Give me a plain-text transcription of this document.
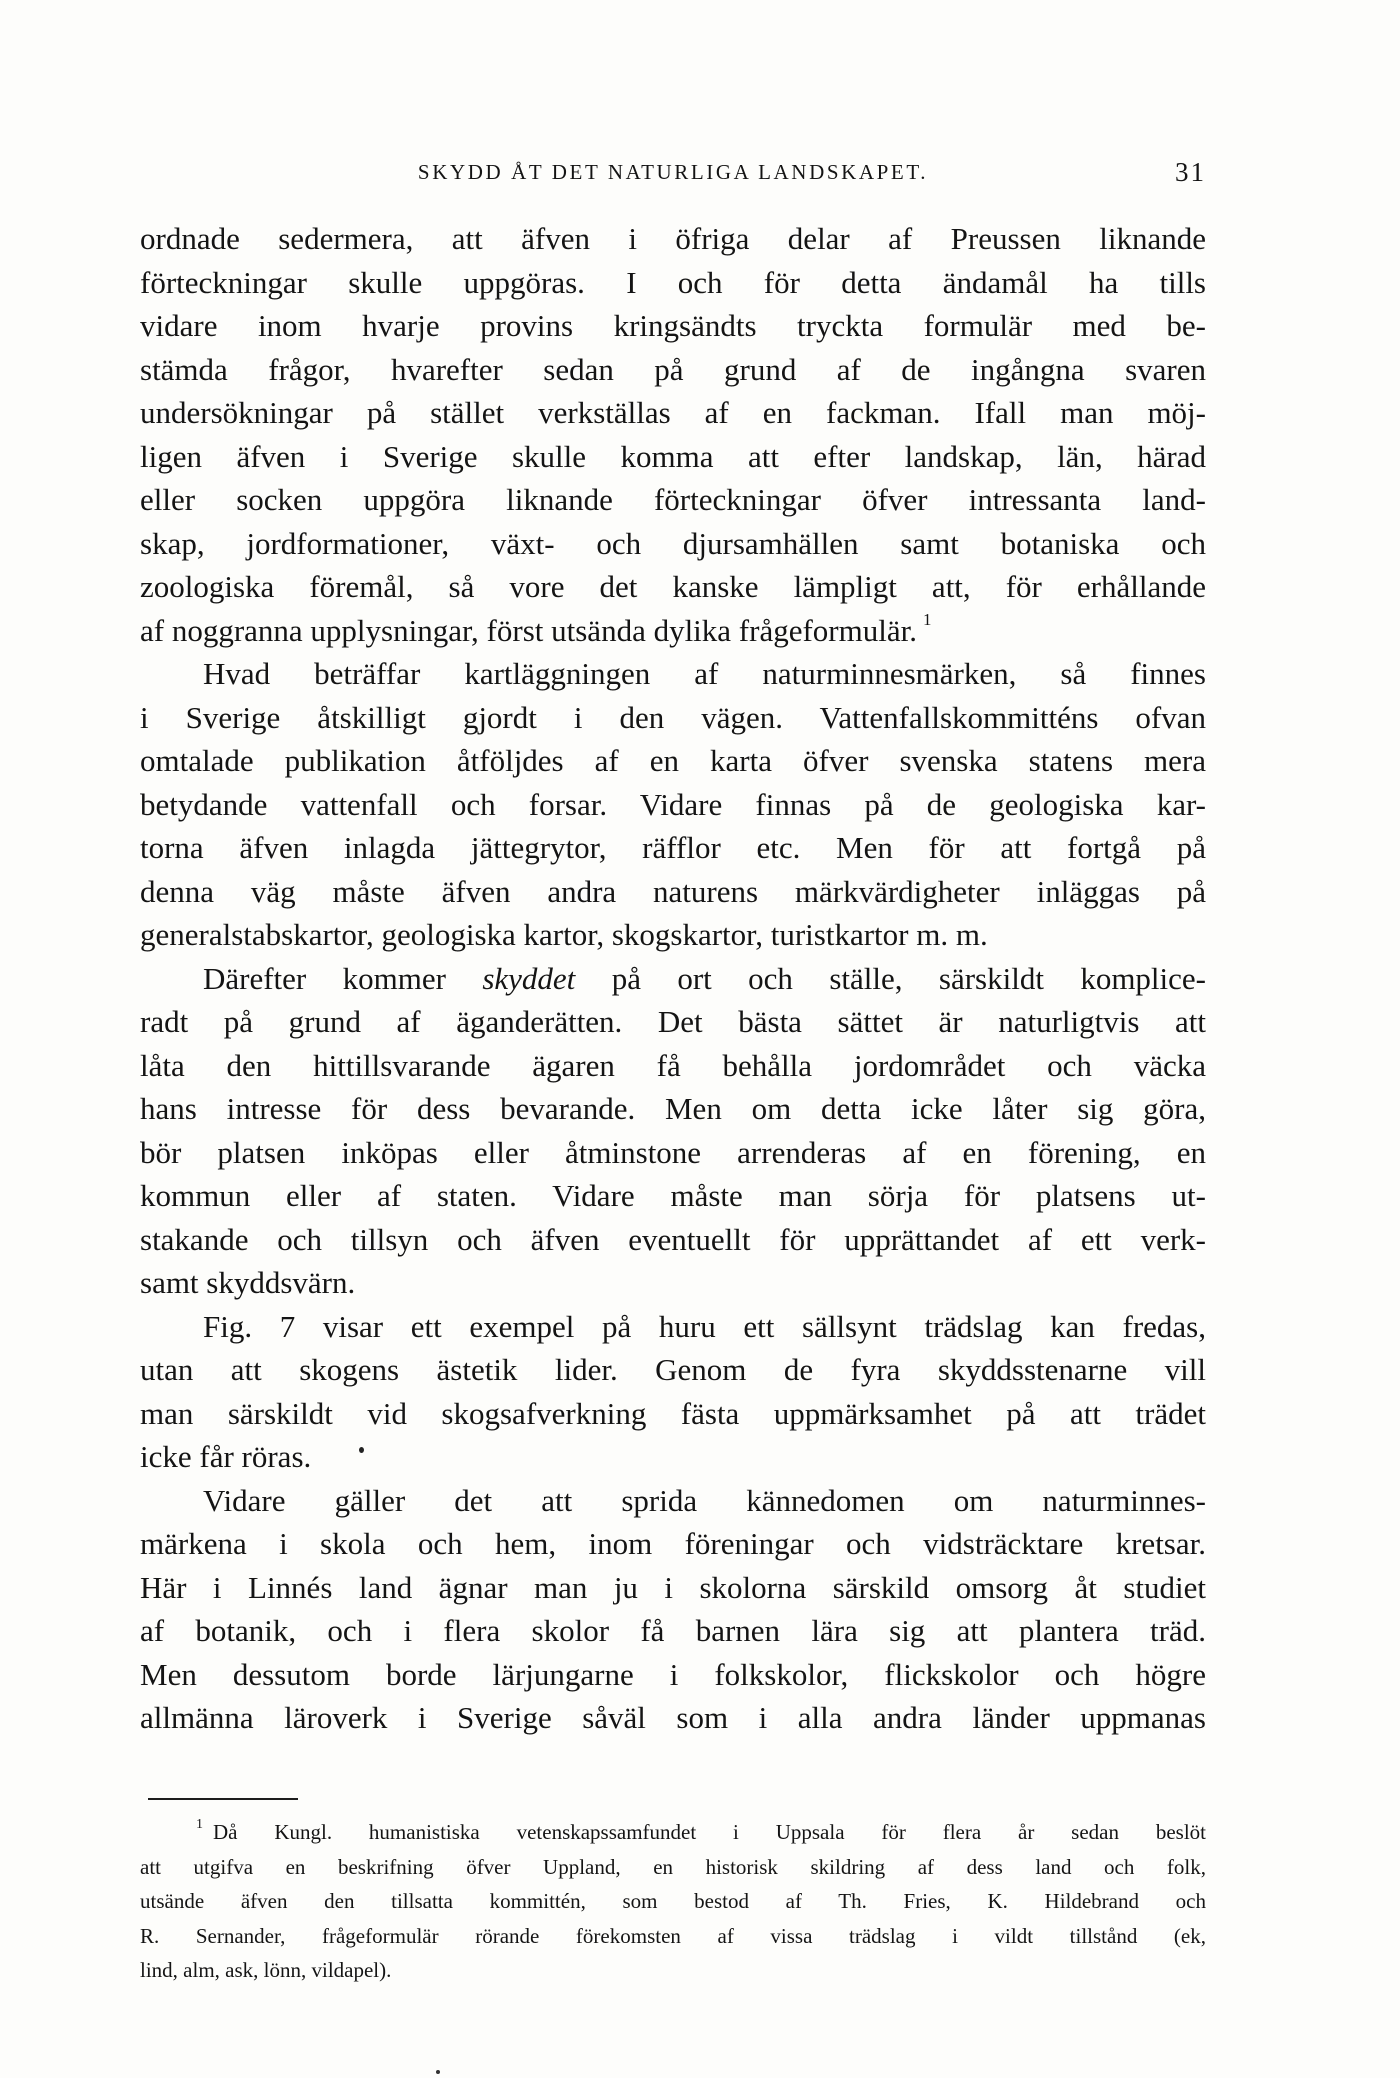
SKYDD ÅT DET NATURLIGA LANDSKAPET.	31
ordnade sedermera, att äfven i öfriga delar af Preussen liknande
förteckningar skulle uppgöras. I och för detta ändamål ha tills
vidare inom hvarje provins kringsändts tryckta formulär med be-
stämda frågor, hvarefter sedan på grund af de ingångna svaren
undersökningar på stället verkställas af en fackman. Ifall man möj-
ligen äfven i Sverige skulle komma att efter landskap, län, härad
eller socken uppgöra liknande förteckningar öfver intressanta land-
skap, jordformationer, växt- och djursamhällen samt botaniska och
zoologiska föremål, så vore det kanske lämpligt att, för erhållande
af noggranna upplysningar, först utsända dylika frågeformulär. $^1$
Hvad beträffar kartläggningen af naturminnesmärken, så finnes
i Sverige åtskilligt gjordt i den vägen. Vattenfallskommitténs ofvan
omtalade publikation åtföljdes af en karta öfver svenska statens mera
betydande vattenfall och forsar. Vidare finnas på de geologiska kar-
torna äfven inlagda jättegrytor, räfflor etc. Men för att fortgå på
denna väg måste äfven andra naturens märkvärdigheter inläggas på
generalstabskartor, geologiska kartor, skogskartor, turistkartor m. m.
Därefter kommer skyddet på ort och ställe, särskildt komplice-
radt på grund af äganderätten. Det bästa sättet är naturligtvis att
låta den hittillsvarande ägaren få behålla jordområdet och väcka
hans intresse för dess bevarande. Men om detta icke låter sig göra,
bör platsen inköpas eller åtminstone arrenderas af en förening, en
kommun eller af staten. Vidare måste man sörja för platsens ut-
stakande och tillsyn och äfven eventuellt för upprättandet af ett verk-
samt skyddsvärn.
Fig. 7 visar ett exempel på huru ett sällsynt trädslag kan fredas,
utan att skogens ästetik lider. Genom de fyra skyddsstenarne vill
man särskildt vid skogsafverkning fästa uppmärksamhet på att trädet
icke får röras.
Vidare gäller det att sprida kännedomen om naturminnes-
märkena i skola och hem, inom föreningar och vidsträcktare kretsar.
Här i Linnés land ägnar man ju i skolorna särskild omsorg åt studiet
af botanik, och i flera skolor få barnen lära sig att plantera träd.
Men dessutom borde lärjungarne i folkskolor, flickskolor och högre
allmänna läroverk i Sverige såväl som i alla andra länder uppmanas
$^1$ Då Kungl. humanistiska vetenskapssamfundet i Uppsala för flera år sedan beslöt
att utgifva en beskrifning öfver Uppland, en historisk skildring af dess land och folk,
utsände äfven den tillsatta kommittén, som bestod af Th. Fries, K. Hildebrand och
R. Sernander, frågeformulär rörande förekomsten af vissa trädslag i vildt tillstånd (ek,
lind, alm, ask, lönn, vildapel).
